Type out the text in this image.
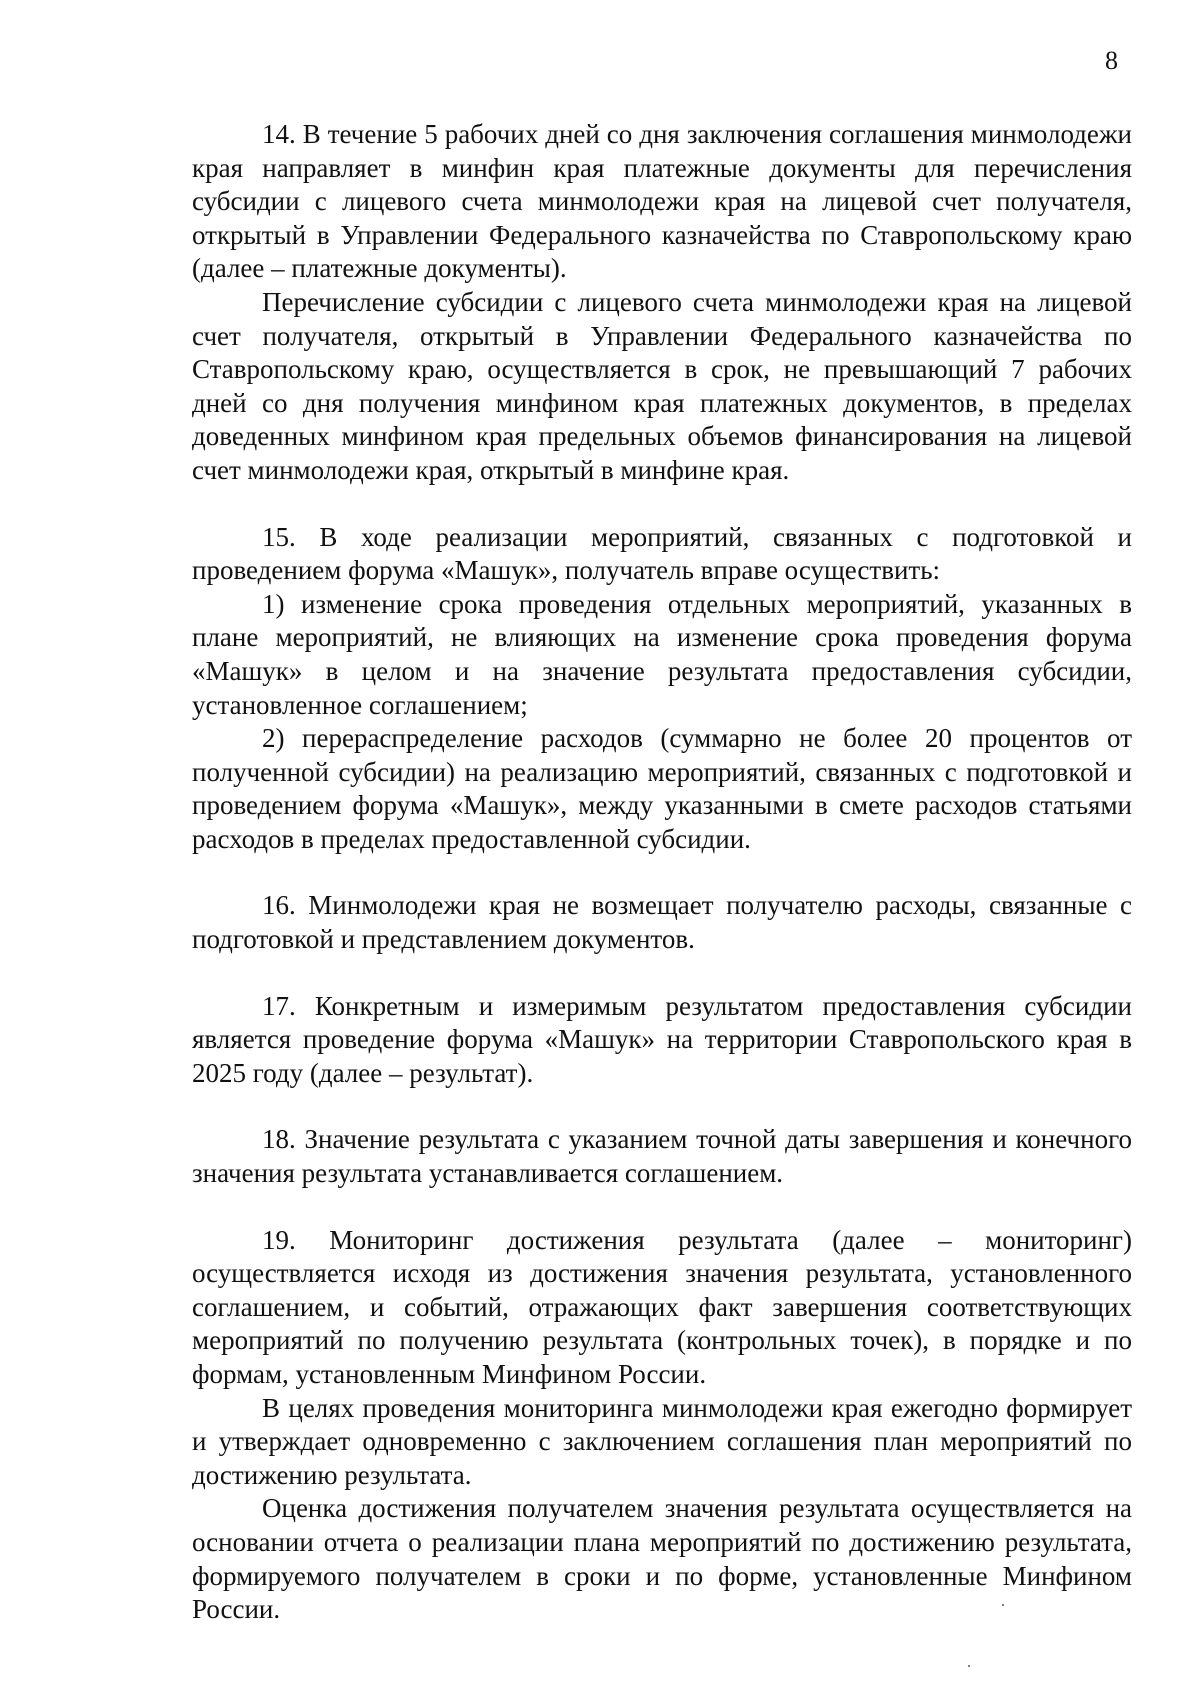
8

14. В течение 5 рабочих дней со дня заключения соглашения минмолодежи края направляет в минфин края платежные документы для перечисления субсидии с лицевого счета минмолодежи края на лицевой счет получателя, открытый в Управлении Федерального казначейства по Ставропольскому краю (далее – платежные документы).

Перечисление субсидии с лицевого счета минмолодежи края на лицевой счет получателя, открытый в Управлении Федерального казначейства по Ставропольскому краю, осуществляется в срок, не превышающий 7 рабочих дней со дня получения минфином края платежных документов, в пределах доведенных минфином края предельных объемов финансирования на лицевой счет минмолодежи края, открытый в минфине края.

15. В ходе реализации мероприятий, связанных с подготовкой и проведением форума «Машук», получатель вправе осуществить:

1) изменение срока проведения отдельных мероприятий, указанных в плане мероприятий, не влияющих на изменение срока проведения форума «Машук» в целом и на значение результата предоставления субсидии, установленное соглашением;

2) перераспределение расходов (суммарно не более 20 процентов от полученной субсидии) на реализацию мероприятий, связанных с подготовкой и проведением форума «Машук», между указанными в смете расходов статьями расходов в пределах предоставленной субсидии.

16. Минмолодежи края не возмещает получателю расходы, связанные с подготовкой и представлением документов.

17. Конкретным и измеримым результатом предоставления субсидии является проведение форума «Машук» на территории Ставропольского края в 2025 году (далее – результат).

18. Значение результата с указанием точной даты завершения и конечного значения результата устанавливается соглашением.

19. Мониторинг достижения результата (далее – мониторинг) осуществляется исходя из достижения значения результата, установленного соглашением, и событий, отражающих факт завершения соответствующих мероприятий по получению результата (контрольных точек), в порядке и по формам, установленным Минфином России.

В целях проведения мониторинга минмолодежи края ежегодно формирует и утверждает одновременно с заключением соглашения план мероприятий по достижению результата.

Оценка достижения получателем значения результата осуществляется на основании отчета о реализации плана мероприятий по достижению результата, формируемого получателем в сроки и по форме, установленные Минфином России.
